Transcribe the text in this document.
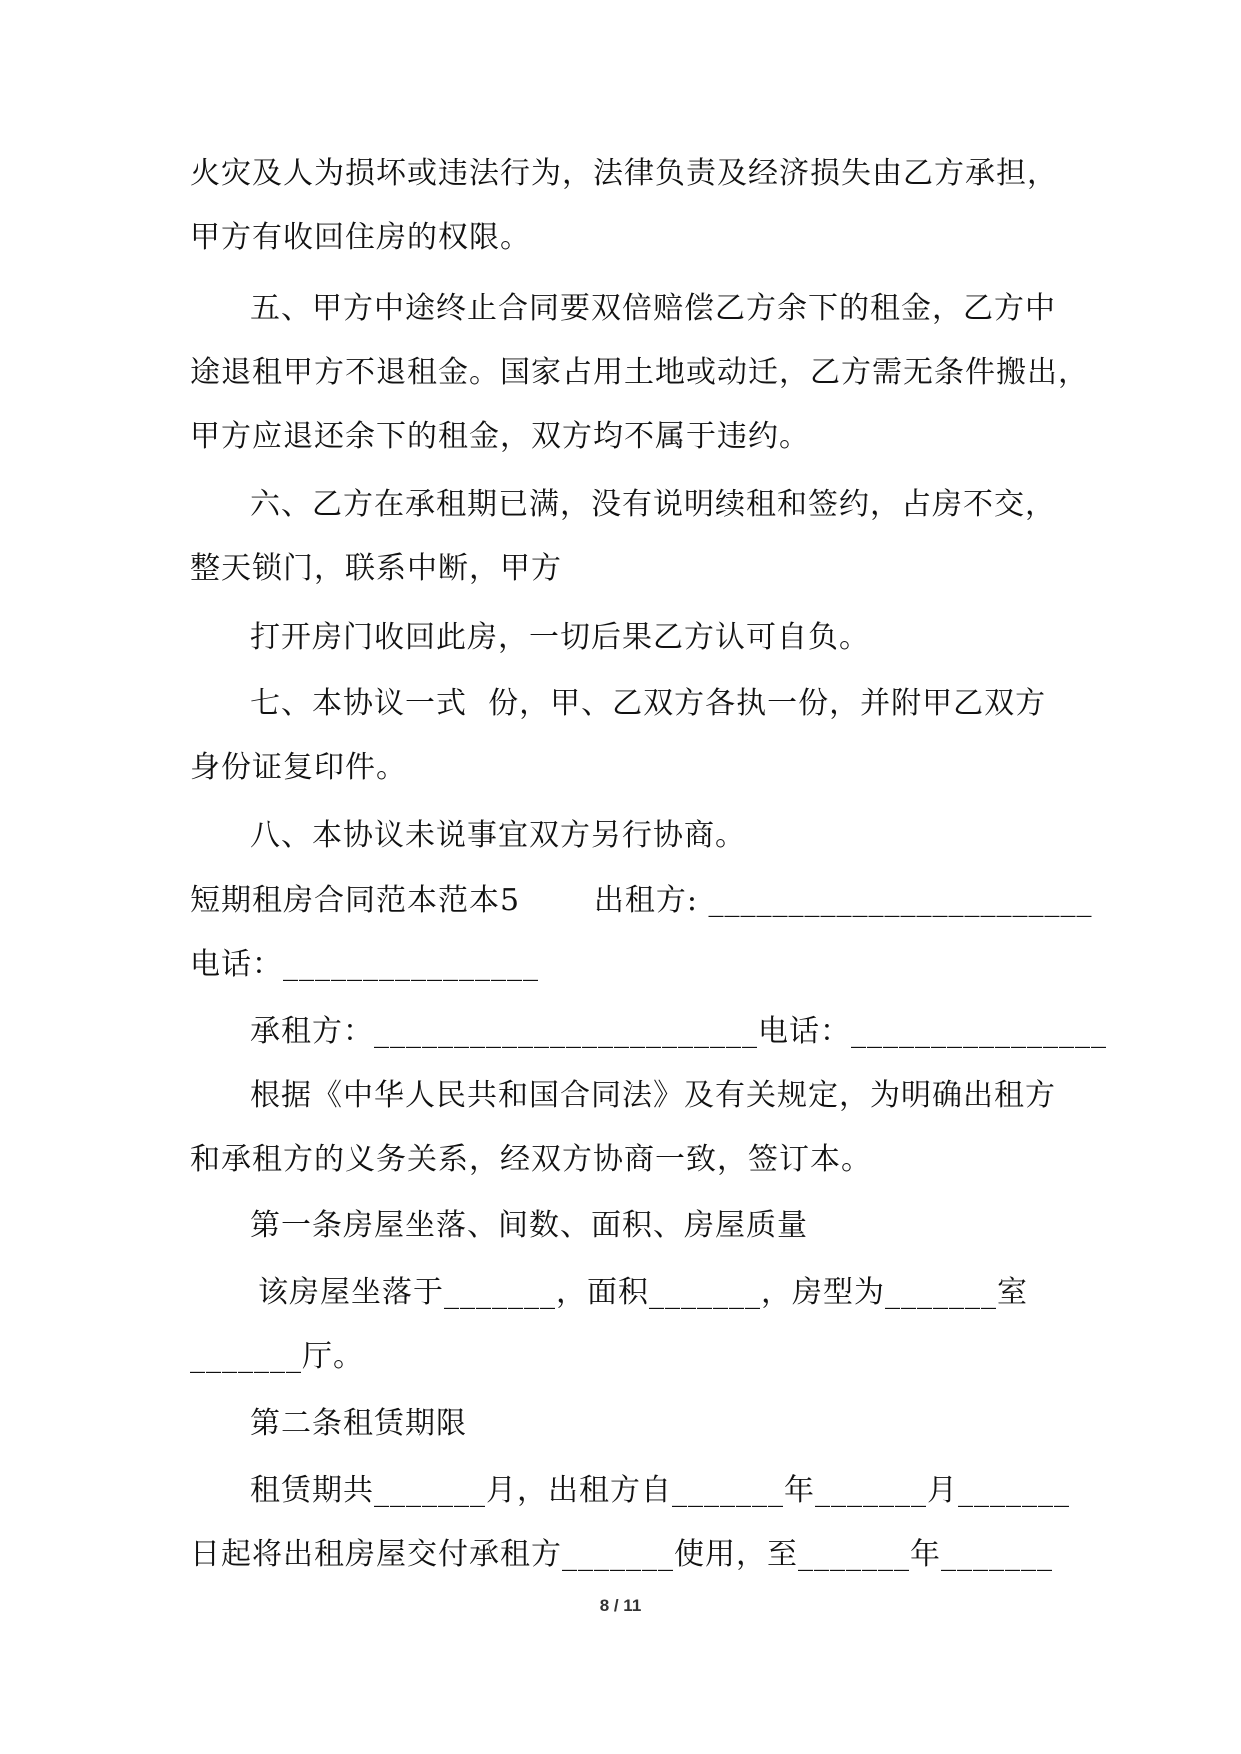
火灾及人为损坏或违法行为，法律负责及经济损失由乙方承担，
甲方有收回住房的权限。
五、甲方中途终止合同要双倍赔偿乙方余下的租金，乙方中
途退租甲方不退租金。国家占用土地或动迁，乙方需无条件搬出，
甲方应退还余下的租金，双方均不属于违约。
六、乙方在承租期已满，没有说明续租和签约，占房不交，
整天锁门，联系中断，甲方
打开房门收回此房，一切后果乙方认可自负。
七、本协议一式  份，甲、乙双方各执一份，并附甲乙双方
身份证复印件。
八、本协议未说事宜双方另行协商。
短期租房合同范本范本5       出租方: ________________________
电话：________________
承租方：________________________电话：________________
根据《中华人民共和国合同法》及有关规定，为明确出租方
和承租方的义务关系，经双方协商一致，签订本。
第一条房屋坐落、间数、面积、房屋质量
该房屋坐落于_______，面积_______，房型为_______室
_______厅。
第二条租赁期限
租赁期共_______月，出租方自_______年_______月_______
日起将出租房屋交付承租方_______使用，至_______年_______
8 / 11
